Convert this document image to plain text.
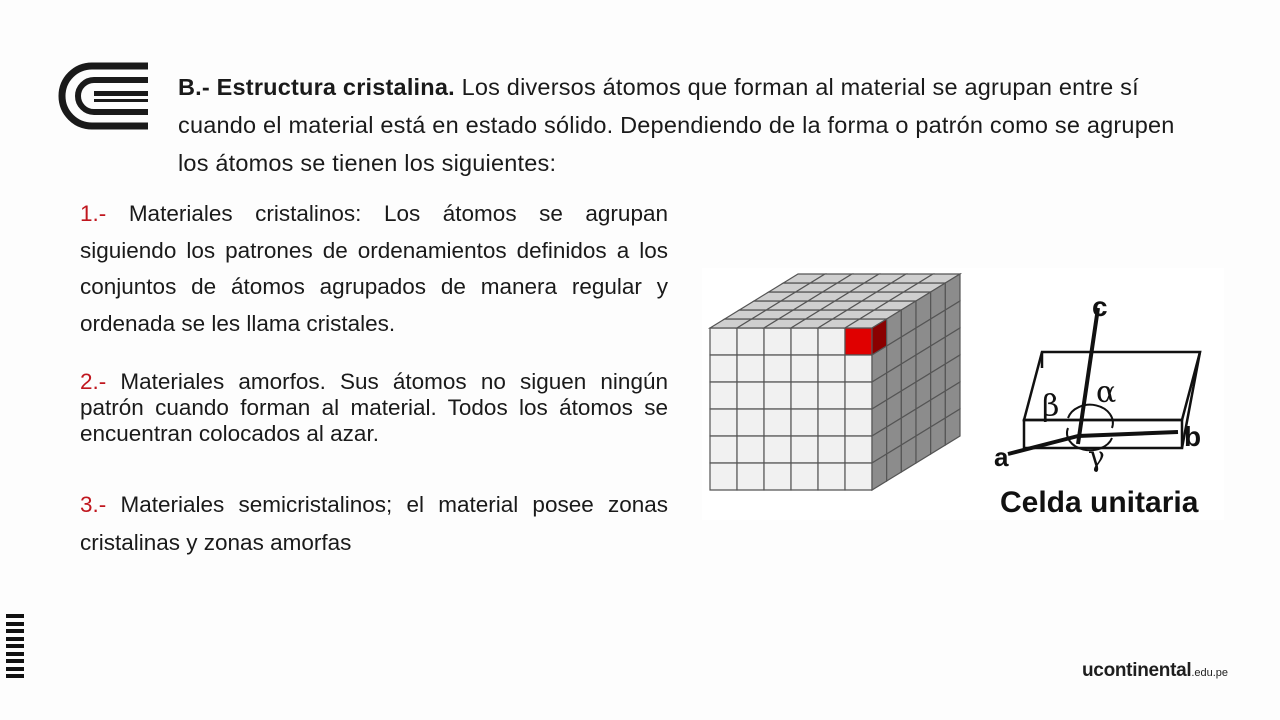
B.- Estructura cristalina. Los diversos átomos que forman al material se agrupan entre sí cuando el material está en estado sólido. Dependiendo de la forma o patrón como se agrupen los átomos se tienen los siguientes:
1.- Materiales cristalinos: Los átomos se agrupan siguiendo los patrones de ordenamientos definidos a los conjuntos de átomos agrupados de manera regular y ordenada se les llama cristales.
2.- Materiales amorfos. Sus átomos no siguen ningún patrón cuando forman al material. Todos los átomos se encuentran colocados al azar.
3.- Materiales semicristalinos; el material posee zonas cristalinas y zonas amorfas
c
a
b
β α
γ
Celda unitaria
ucontinental.edu.pe
